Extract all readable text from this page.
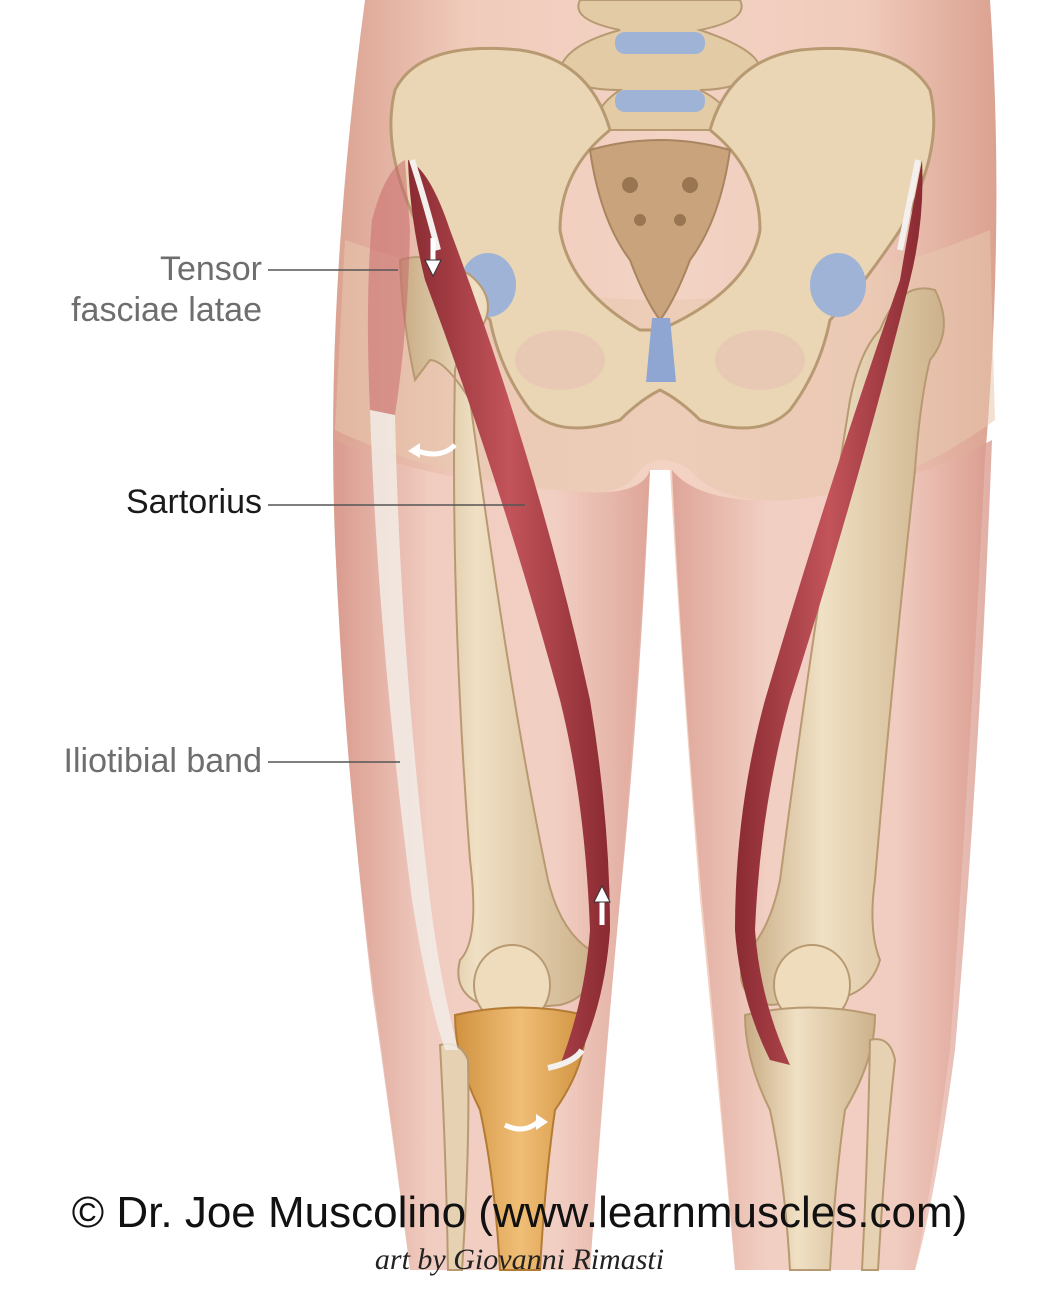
Tensor
fasciae latae
Sartorius
Iliotibial band
© Dr. Joe Muscolino (www.learnmuscles.com)
art by Giovanni Rimasti
